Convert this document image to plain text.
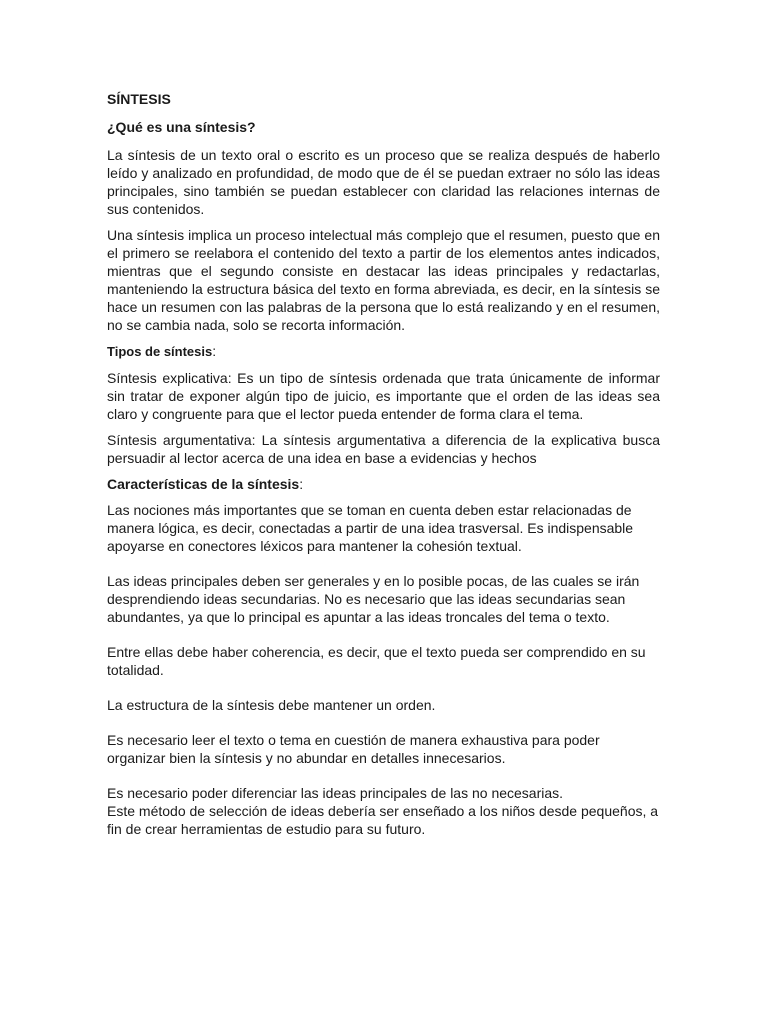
SÍNTESIS
¿Qué es una síntesis?

La síntesis de un texto oral o escrito es un proceso que se realiza después de haberlo leído y analizado en profundidad, de modo que de él se puedan extraer no sólo las ideas principales, sino también se puedan establecer con claridad las relaciones internas de sus contenidos.

Una síntesis implica un proceso intelectual más complejo que el resumen, puesto que en el primero se reelabora el contenido del texto a partir de los elementos antes indicados, mientras que el segundo consiste en destacar las ideas principales y redactarlas, manteniendo la estructura básica del texto en forma abreviada, es decir, en la síntesis se hace un resumen con las palabras de la persona que lo está realizando y en el resumen, no se cambia nada, solo se recorta información.

Tipos de síntesis:

Síntesis explicativa: Es un tipo de síntesis ordenada que trata únicamente de informar sin tratar de exponer algún tipo de juicio, es importante que el orden de las ideas sea claro y congruente para que el lector pueda entender de forma clara el tema.

Síntesis argumentativa: La síntesis argumentativa a diferencia de la explicativa busca persuadir al lector acerca de una idea en base a evidencias y hechos

Características de la síntesis:

Las nociones más importantes que se toman en cuenta deben estar relacionadas de manera lógica, es decir, conectadas a partir de una idea trasversal. Es indispensable apoyarse en conectores léxicos para mantener la cohesión textual.

Las ideas principales deben ser generales y en lo posible pocas, de las cuales se irán desprendiendo ideas secundarias. No es necesario que las ideas secundarias sean abundantes, ya que lo principal es apuntar a las ideas troncales del tema o texto.

Entre ellas debe haber coherencia, es decir, que el texto pueda ser comprendido en su totalidad.

La estructura de la síntesis debe mantener un orden.

Es necesario leer el texto o tema en cuestión de manera exhaustiva para poder organizar bien la síntesis y no abundar en detalles innecesarios.

Es necesario poder diferenciar las ideas principales de las no necesarias.

Este método de selección de ideas debería ser enseñado a los niños desde pequeños, a fin de crear herramientas de estudio para su futuro.
